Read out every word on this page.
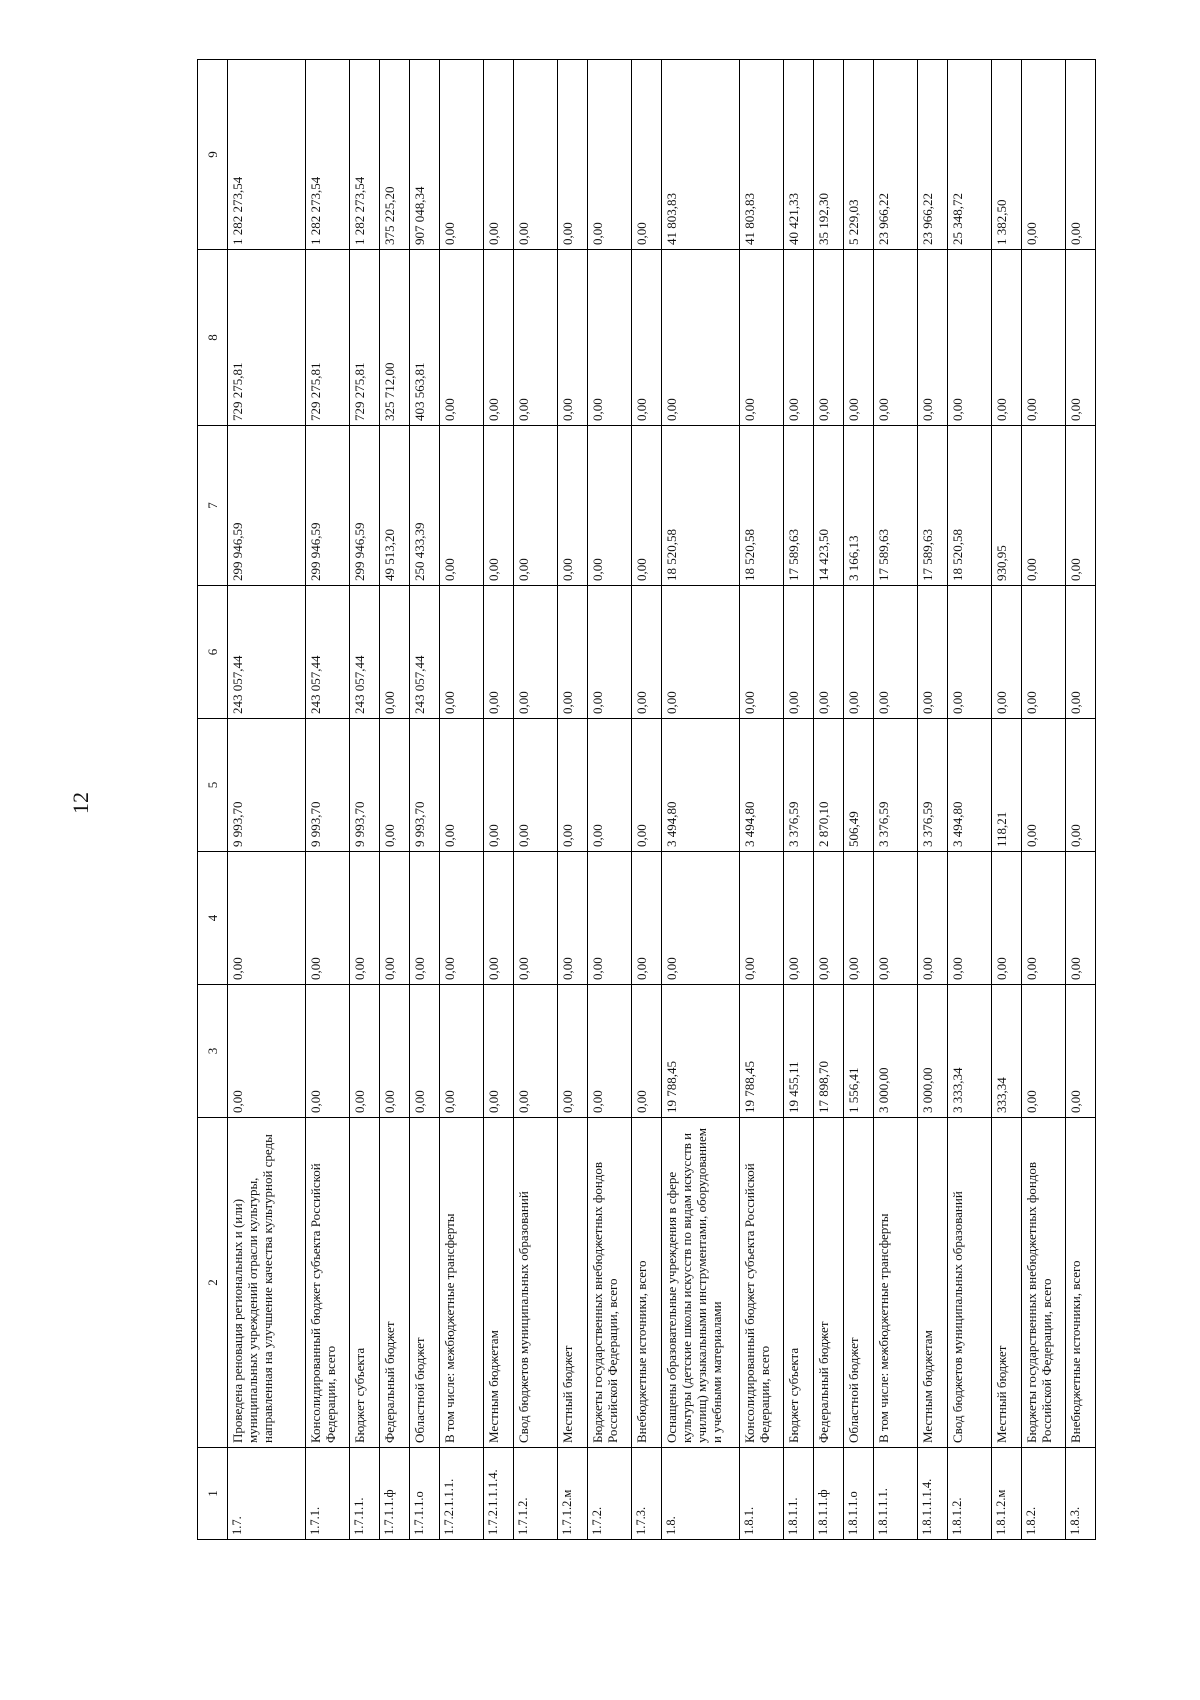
12
1	2	3	4	5	6	7	8	9
1.7.	Проведена реновация региональных и (или) муниципальных учреждений отрасли культуры, направленная на улучшение качества культурной среды	0,00	0,00	9 993,70	243 057,44	299 946,59	729 275,81	1 282 273,54
1.7.1.	Консолидированный бюджет субъекта Российской Федерации, всего	0,00	0,00	9 993,70	243 057,44	299 946,59	729 275,81	1 282 273,54
1.7.1.1.	Бюджет субъекта	0,00	0,00	9 993,70	243 057,44	299 946,59	729 275,81	1 282 273,54
1.7.1.1.ф	Федеральный бюджет	0,00	0,00	0,00	0,00	49 513,20	325 712,00	375 225,20
1.7.1.1.о	Областной бюджет	0,00	0,00	9 993,70	243 057,44	250 433,39	403 563,81	907 048,34
1.7.2.1.1.1.	В том числе: межбюджетные трансферты	0,00	0,00	0,00	0,00	0,00	0,00	0,00
1.7.2.1.1.1.4.	Местным бюджетам	0,00	0,00	0,00	0,00	0,00	0,00	0,00
1.7.1.2.	Свод бюджетов муниципальных образований	0,00	0,00	0,00	0,00	0,00	0,00	0,00
1.7.1.2.м	Местный бюджет	0,00	0,00	0,00	0,00	0,00	0,00	0,00
1.7.2.	Бюджеты государственных внебюджетных фондов Российской Федерации, всего	0,00	0,00	0,00	0,00	0,00	0,00	0,00
1.7.3.	Внебюджетные источники, всего	0,00	0,00	0,00	0,00	0,00	0,00	0,00
1.8.	Оснащены образовательные учреждения в сфере культуры (детские школы искусств по видам искусств и училищ) музыкальными инструментами, оборудованием и учебными материалами	19 788,45	0,00	3 494,80	0,00	18 520,58	0,00	41 803,83
1.8.1.	Консолидированный бюджет субъекта Российской Федерации, всего	19 788,45	0,00	3 494,80	0,00	18 520,58	0,00	41 803,83
1.8.1.1.	Бюджет субъекта	19 455,11	0,00	3 376,59	0,00	17 589,63	0,00	40 421,33
1.8.1.1.ф	Федеральный бюджет	17 898,70	0,00	2 870,10	0,00	14 423,50	0,00	35 192,30
1.8.1.1.о	Областной бюджет	1 556,41	0,00	506,49	0,00	3 166,13	0,00	5 229,03
1.8.1.1.1.	В том числе: межбюджетные трансферты	3 000,00	0,00	3 376,59	0,00	17 589,63	0,00	23 966,22
1.8.1.1.1.4.	Местным бюджетам	3 000,00	0,00	3 376,59	0,00	17 589,63	0,00	23 966,22
1.8.1.2.	Свод бюджетов муниципальных образований	3 333,34	0,00	3 494,80	0,00	18 520,58	0,00	25 348,72
1.8.1.2.м	Местный бюджет	333,34	0,00	118,21	0,00	930,95	0,00	1 382,50
1.8.2.	Бюджеты государственных внебюджетных фондов Российской Федерации, всего	0,00	0,00	0,00	0,00	0,00	0,00	0,00
1.8.3.	Внебюджетные источники, всего	0,00	0,00	0,00	0,00	0,00	0,00	0,00
